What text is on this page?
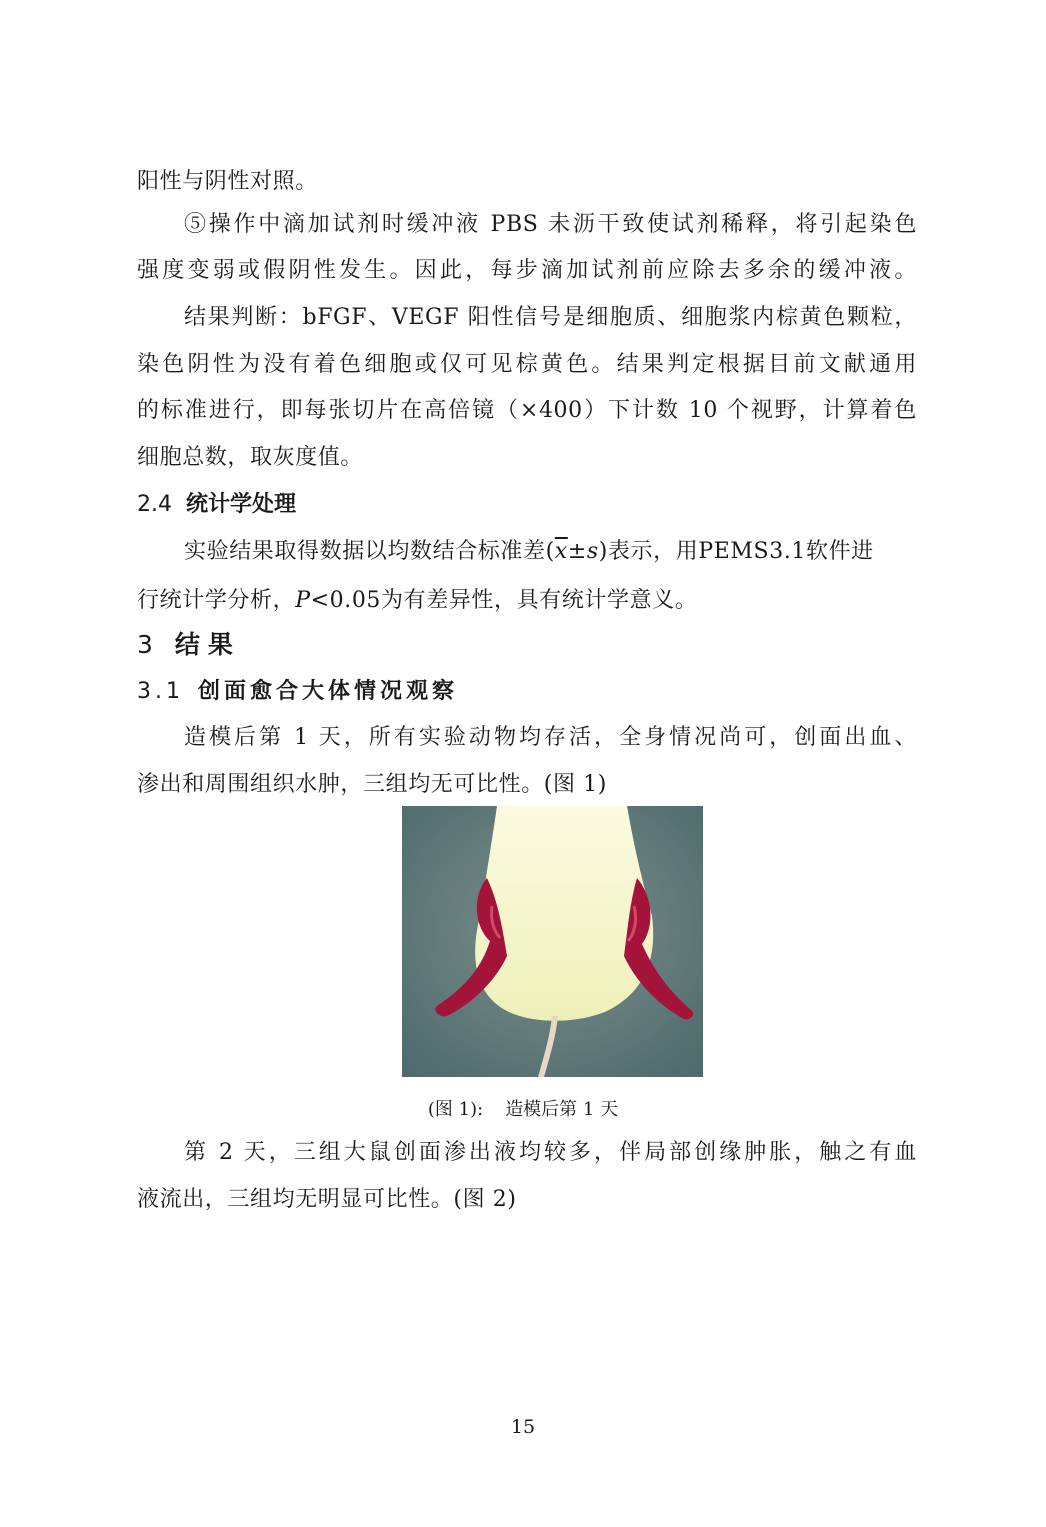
阳性与阴性对照。
⑤操作中滴加试剂时缓冲液 PBS 未沥干致使试剂稀释，将引起染色
强度变弱或假阴性发生。因此，每步滴加试剂前应除去多余的缓冲液。
结果判断：bFGF、VEGF 阳性信号是细胞质、细胞浆内棕黄色颗粒，
染色阴性为没有着色细胞或仅可见棕黄色。结果判定根据目前文献通用
的标准进行，即每张切片在高倍镜（×400）下计数 10 个视野，计算着色
细胞总数，取灰度值。
2.4 统计学处理
实验结果取得数据以均数结合标准差$(\overline{x}\pm s)$表示，用PEMS3.1软件进
行统计学分析，P<0.05为有差异性，具有统计学意义。
3 结果
3.1 创面愈合大体情况观察
造模后第 1 天，所有实验动物均存活，全身情况尚可，创面出血、
渗出和周围组织水肿，三组均无可比性。(图 1)
(图 1): 造模后第 1 天
第 2 天，三组大鼠创面渗出液均较多，伴局部创缘肿胀，触之有血
液流出，三组均无明显可比性。(图 2)
15
